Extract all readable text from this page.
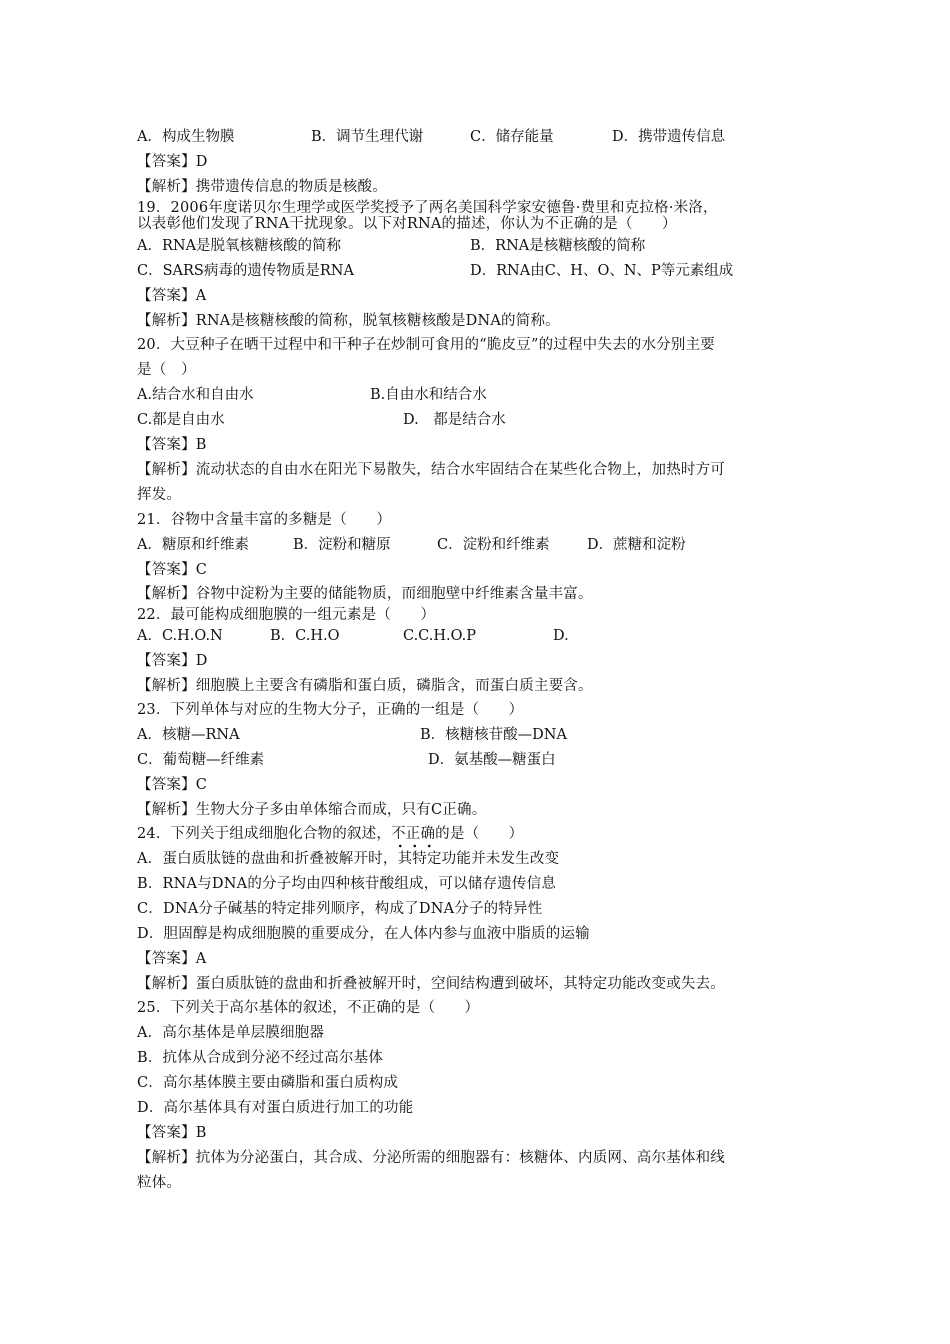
A．构成生物膜	B．调节生理代谢	C．储存能量	D．携带遗传信息
【答案】D
【解析】携带遗传信息的物质是核酸。
19．2006年度诺贝尔生理学或医学奖授予了两名美国科学家安德鲁·费里和克拉格·米洛，
以表彰他们发现了RNA干扰现象。以下对RNA的描述，你认为不正确的是（　　）
A．RNA是脱氧核糖核酸的简称	B．RNA是核糖核酸的简称
C．SARS病毒的遗传物质是RNA	D．RNA由C、H、O、N、P等元素组成
【答案】A
【解析】RNA是核糖核酸的简称，脱氧核糖核酸是DNA的简称。
20．大豆种子在晒干过程中和干种子在炒制可食用的“脆皮豆”的过程中失去的水分别主要
是（　）
A.结合水和自由水	B.自由水和结合水
C.都是自由水	D.　都是结合水
【答案】B
【解析】流动状态的自由水在阳光下易散失，结合水牢固结合在某些化合物上，加热时方可
挥发。
21．谷物中含量丰富的多糖是（　　）
A．糖原和纤维素	B．淀粉和糖原	C．淀粉和纤维素	D．蔗糖和淀粉
【答案】C
【解析】谷物中淀粉为主要的储能物质，而细胞壁中纤维素含量丰富。
22．最可能构成细胞膜的一组元素是（　　）
A．C.H.O.N	B．C.H.O	C.C.H.O.P	D.
【答案】D
【解析】细胞膜上主要含有磷脂和蛋白质，磷脂含，而蛋白质主要含。
23．下列单体与对应的生物大分子，正确的一组是（　　）
A．核糖—RNA	B．核糖核苷酸—DNA
C．葡萄糖—纤维素	D．氨基酸—糖蛋白
【答案】C
【解析】生物大分子多由单体缩合而成，只有C正确。
24．下列关于组成细胞化合物的叙述，不正确
的是（　　）
A．蛋白质肽链的盘曲和折叠被解开时，其特定功能并未发生改变
B．RNA与DNA的分子均由四种核苷酸组成，可以储存遗传信息
C．DNA分子碱基的特定排列顺序，构成了DNA分子的特异性
D．胆固醇是构成细胞膜的重要成分，在人体内参与血液中脂质的运输
【答案】A
【解析】蛋白质肽链的盘曲和折叠被解开时，空间结构遭到破坏，其特定功能改变或失去。
25．下列关于高尔基体的叙述，不正确的是（　　）
A．高尔基体是单层膜细胞器
B．抗体从合成到分泌不经过高尔基体
C．高尔基体膜主要由磷脂和蛋白质构成
D．高尔基体具有对蛋白质进行加工的功能
【答案】B
【解析】抗体为分泌蛋白，其合成、分泌所需的细胞器有：核糖体、内质网、高尔基体和线
粒体。
